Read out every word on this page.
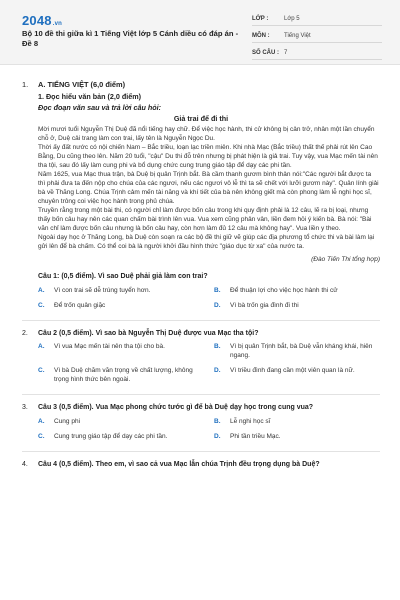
2048.vn
Bộ 10 đề thi giữa kì 1 Tiếng Việt lớp 5 Cánh diều có đáp án - Đề 8
LỚP :	Lớp 5
MÔN :	Tiếng Việt
SỐ CÂU : 7
1.	A. TIẾNG VIỆT (6,0 điểm)
1. Đọc hiểu văn bản (2,0 điểm)
Đọc đoạn văn sau và trả lời câu hỏi:
Giả trai để đi thi

Mời mươi tuổi Nguyễn Thị Duệ đã nổi tiếng hay chữ. Để việc học hành, thi cử không bị cản trở, nhân một lần chuyển chỗ ở, Duệ cải trang làm con trai, lấy tên là Nguyễn Ngọc Du.

Thời ấy đất nước có nội chiến Nam – Bắc triều, loạn lạc triền miên. Khi nhà Mạc (Bắc triều) thất thế phải rút lên Cao Bằng, Du cũng theo lên. Năm 20 tuổi, "cậu" Du thi đỗ trên nhưng bị phát hiện là giả trai. Tuy vậy, vua Mạc mến tài nên tha tội, sau đó lấy làm cung phi và bổ dụng chức cung trung giáo tập để dạy các phi tần.

Năm 1625, vua Mạc thua trận, bà Duệ bị quân Trịnh bắt. Bà cầm thanh gươm bình thản nói:"Các người bắt được ta thì phải đưa ta đến nộp cho chúa của các ngươi, nếu các ngươi vô lễ thì ta sẽ chết với lưỡi gươm này". Quân lính giải bà về Thăng Long. Chúa Trịnh cảm mến tài năng và khí tiết của bà nên không giết mà còn phong làm lễ nghi học sĩ, chuyên trông coi việc học hành trong phủ chúa.

Truyền rằng trong một bài thi, có người chỉ làm được bốn câu trong khi quy định phải là 12 câu, lẽ ra bị loại, nhưng thấy bốn câu hay nên các quan chấm bài trình lên vua. Vua xem cũng phân vân, liền đem hỏi ý kiến bà. Bà nói: "Bài văn chỉ làm được bốn câu nhưng là bốn câu hay, còn hơn làm đủ 12 câu mà không hay". Vua liền y theo.

Ngoài dạy học ở Thăng Long, bà Duệ còn soạn ra các bộ đề thi giữ vẽ giúp các địa phương tổ chức thi và bài làm lại gửi lên để bà chấm. Có thể coi bà là người khởi đầu hình thức "giáo dục từ xa" của nước ta.

(Đào Tiến Thi tổng hợp)
Câu 1: (0,5 điểm). Vì sao Duệ phải giả làm con trai?
A.	Vì con trai sẽ dễ trúng tuyển hơn.	B.	Để thuận lợi cho việc học hành thi cử
C.	Để trốn quân giặc	D.	Vì bà trốn gia đình đi thi
2.	Câu 2 (0,5 điểm). Vì sao bà Nguyễn Thị Duệ được vua Mạc tha tội?
A.	Vì vua Mạc mến tài nên tha tội cho bà.	B.	Vì bị quân Trịnh bắt, bà Duệ vẫn kháng khái, hiên ngang.
C.	Vì bà Duệ chăm văn trọng về chất lượng, không trọng hình thức bên ngoài.
D.	Vì triều đình đang cần một viên quan là nữ.
3.	Câu 3 (0,5 điểm). Vua Mạc phong chức tước gì để bà Duệ dạy học trong cung vua?
A.	Cung phi	B.	Lễ nghi học sĩ
C.	Cung trung giáo tập để dạy các phi tần.	D.	Phi tần triều Mạc.
4.	Câu 4 (0,5 điểm). Theo em, vì sao cả vua Mạc lẫn chúa Trịnh đều trọng dụng bà Duệ?
